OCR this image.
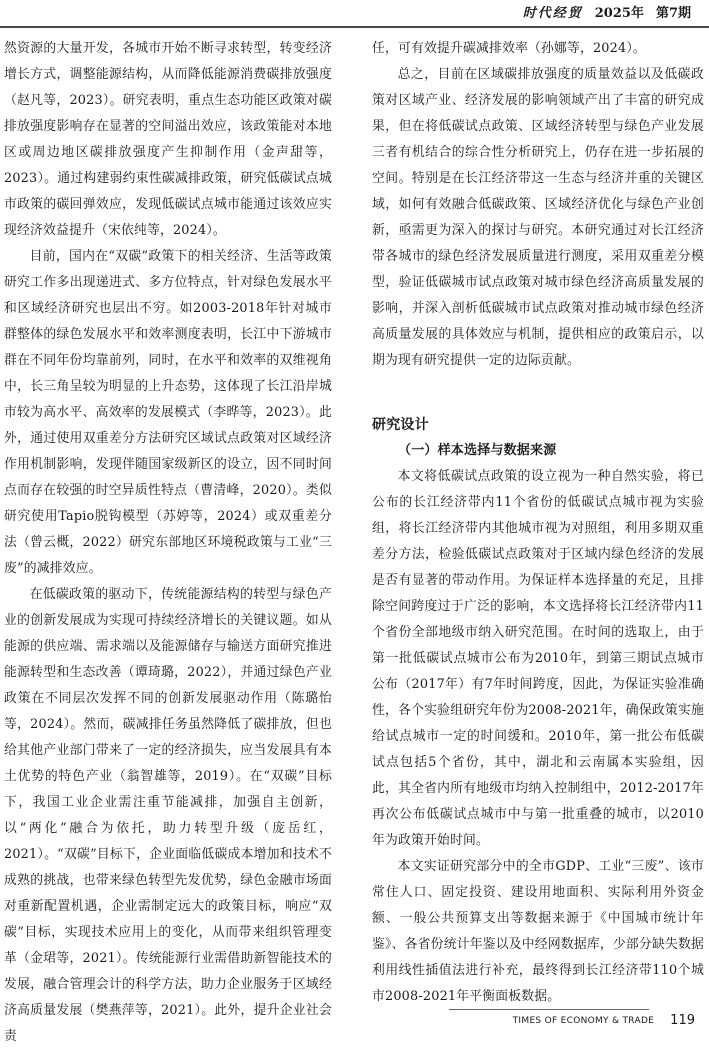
时代经贸 2025年 第7期

然资源的大量开发，各城市开始不断寻求转型，转变经济增长方式，调整能源结构，从而降低能源消费碳排放强度（赵凡等，2023）。研究表明，重点生态功能区政策对碳排放强度影响存在显著的空间溢出效应，该政策能对本地区或周边地区碳排放强度产生抑制作用（金声甜等，2023）。通过构建弱约束性碳减排政策，研究低碳试点城市政策的碳回弹效应，发现低碳试点城市能通过该效应实现经济效益提升（宋依纯等，2024）。

目前，国内在“双碳”政策下的相关经济、生活等政策研究工作多出现递进式、多方位特点，针对绿色发展水平和区域经济研究也层出不穷。如2003-2018年针对城市群整体的绿色发展水平和效率测度表明，长江中下游城市群在不同年份均靠前列，同时，在水平和效率的双维视角中，长三角呈较为明显的上升态势，这体现了长江沿岸城市较为高水平、高效率的发展模式（李晔等，2023）。此外，通过使用双重差分方法研究区域试点政策对区域经济作用机制影响，发现伴随国家级新区的设立，因不同时间点而存在较强的时空异质性特点（曹清峰，2020）。类似研究使用Tapio脱钩模型（苏婷等，2024）或双重差分法（曾云概，2022）研究东部地区环境税政策与工业“三废”的减排效应。

在低碳政策的驱动下，传统能源结构的转型与绿色产业的创新发展成为实现可持续经济增长的关键议题。如从能源的供应端、需求端以及能源储存与输送方面研究推进能源转型和生态改善（谭琦璐，2022），并通过绿色产业政策在不同层次发挥不同的创新发展驱动作用（陈璐怡等，2024）。然而，碳减排任务虽然降低了碳排放，但也给其他产业部门带来了一定的经济损失，应当发展具有本土优势的特色产业（翁智雄等，2019）。在“双碳”目标下，我国工业企业需注重节能减排，加强自主创新，以“两化”融合为依托，助力转型升级（庞岳红，2021）。“双碳”目标下，企业面临低碳成本增加和技术不成熟的挑战，也带来绿色转型先发优势，绿色金融市场面对重新配置机遇，企业需制定远大的政策目标，响应“双碳”目标，实现技术应用上的变化，从而带来组织管理变革（金珺等，2021）。传统能源行业需借助新智能技术的发展，融合管理会计的科学方法，助力企业服务于区域经济高质量发展（樊燕萍等，2021）。此外，提升企业社会责

任，可有效提升碳减排效率（孙娜等，2024）。

总之，目前在区域碳排放强度的质量效益以及低碳政策对区域产业、经济发展的影响领域产出了丰富的研究成果，但在将低碳试点政策、区域经济转型与绿色产业发展三者有机结合的综合性分析研究上，仍存在进一步拓展的空间。特别是在长江经济带这一生态与经济并重的关键区域，如何有效融合低碳政策、区域经济优化与绿色产业创新，亟需更为深入的探讨与研究。本研究通过对长江经济带各城市的绿色经济发展质量进行测度，采用双重差分模型，验证低碳城市试点政策对城市绿色经济高质量发展的影响，并深入剖析低碳城市试点政策对推动城市绿色经济高质量发展的具体效应与机制，提供相应的政策启示，以期为现有研究提供一定的边际贡献。

研究设计
（一）样本选择与数据来源

本文将低碳试点政策的设立视为一种自然实验，将已公布的长江经济带内11个省份的低碳试点城市视为实验组，将长江经济带内其他城市视为对照组，利用多期双重差分方法，检验低碳试点政策对于区域内绿色经济的发展是否有显著的带动作用。为保证样本选择量的充足，且排除空间跨度过于广泛的影响，本文选择将长江经济带内11个省份全部地级市纳入研究范围。在时间的选取上，由于第一批低碳试点城市公布为2010年，到第三期试点城市公布（2017年）有7年时间跨度，因此，为保证实验准确性，各个实验组研究年份为2008-2021年，确保政策实施给试点城市一定的时间缓和。2010年，第一批公布低碳试点包括5个省份，其中，湖北和云南属本实验组，因此，其全省内所有地级市均纳入控制组中，2012-2017年再次公布低碳试点城市中与第一批重叠的城市，以2010年为政策开始时间。

本文实证研究部分中的全市GDP、工业“三废”、该市常住人口、固定投资、建设用地面积、实际利用外资金额、一般公共预算支出等数据来源于《中国城市统计年鉴》、各省份统计年鉴以及中经网数据库，少部分缺失数据利用线性插值法进行补充，最终得到长江经济带110个城市2008-2021年平衡面板数据。

TIMES OF ECONOMY & TRADE 119
